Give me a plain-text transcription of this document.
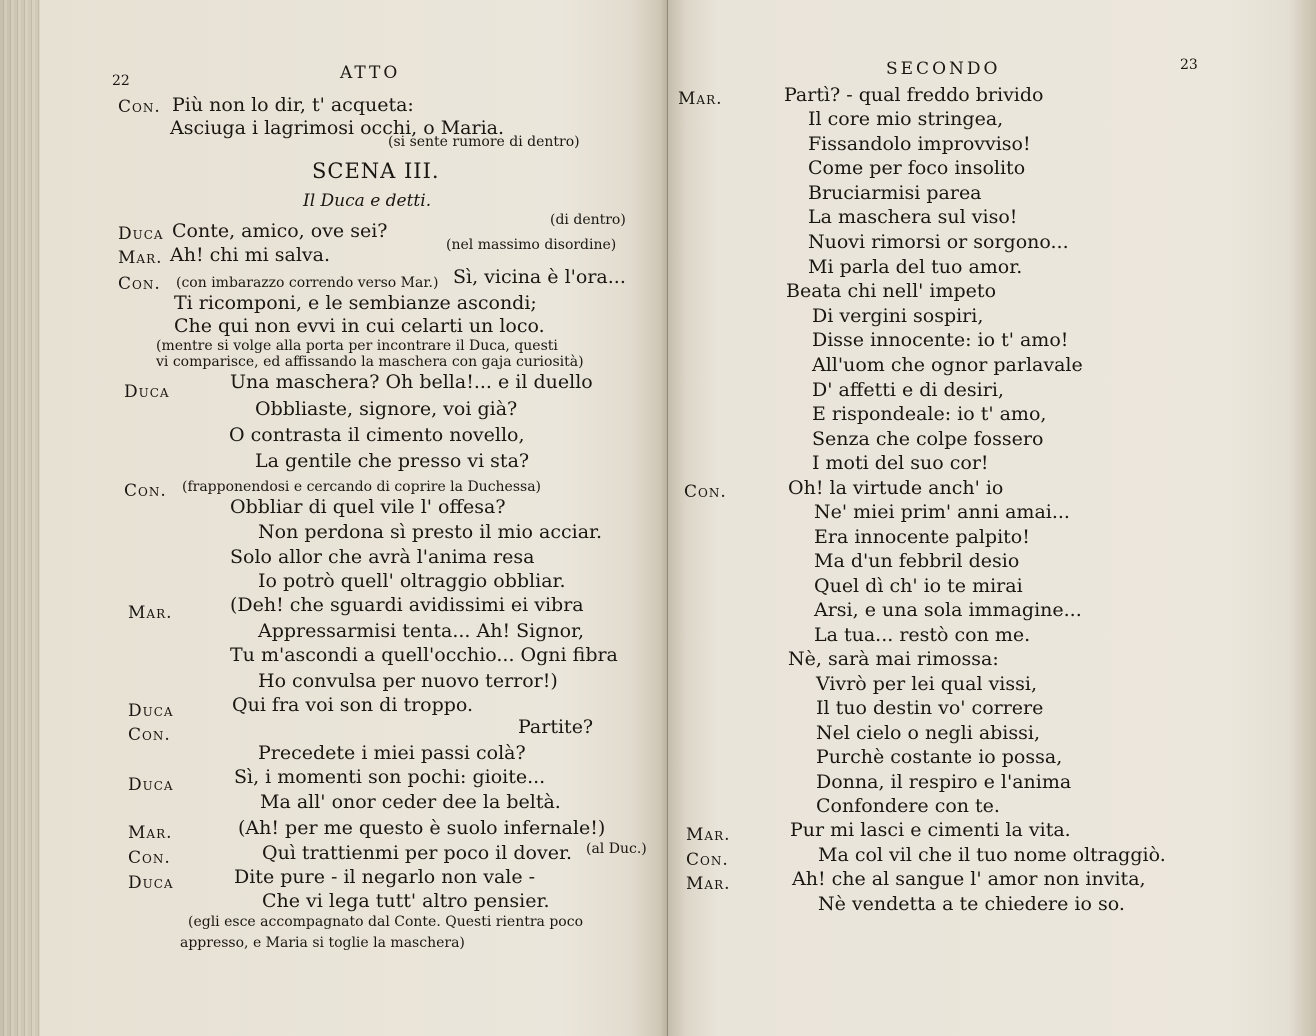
22	ATTO
Con. Più non lo dir, t' acqueta:
Asciuga i lagrimosi occhi, o Maria.
(si sente rumore di dentro)
SCENA III.
Il Duca e detti.
Duca Conte, amico, ove sei?	(di dentro)
Mar. Ah! chi mi salva.	(nel massimo disordine)
Con. (con imbarazzo correndo verso Mar.) Sì, vicina è l'ora...
Ti ricomponi, e le sembianze ascondi;
Che qui non evvi in cui celarti un loco.
(mentre si volge alla porta per incontrare il Duca, questi
vi comparisce, ed affissando la maschera con gaja curiosità)
Duca	Una maschera? Oh bella!... e il duello
Obbliaste, signore, voi già?
O contrasta il cimento novello,
La gentile che presso vi sta?
Con. (frapponendosi e cercando di coprire la Duchessa)
Obbliar di quel vile l' offesa?
Non perdona sì presto il mio acciar.
Solo allor che avrà l'anima resa
Io potrò quell' oltraggio obbliar.
Mar.	(Deh! che sguardi avidissimi ei vibra
Appressarmisi tenta... Ah! Signor,
Tu m'ascondi a quell'occhio... Ogni fibra
Ho convulsa per nuovo terror!)
Duca	Qui fra voi son di troppo.
Partite?
Con.
Precedete i miei passi colà?
Duca	Sì, i momenti son pochi: gioite...
Ma all' onor ceder dee la beltà.
Mar.	(Ah! per me questo è suolo infernale!)
Con.	Quì trattienmi per poco il dover. (al Duc.)
Duca	Dite pure - il negarlo non vale -
Che vi lega tutt' altro pensier.
(egli esce accompagnato dal Conte. Questi rientra poco
appresso, e Maria si toglie la maschera)
SECONDO	23
Mar.	Partì? - qual freddo brivido
Il core mio stringea,
Fissandolo improvviso!
Come per foco insolito
Bruciarmisi parea
La maschera sul viso!
Nuovi rimorsi or sorgono...
Mi parla del tuo amor.
Beata chi nell' impeto
Di vergini sospiri,
Disse innocente: io t' amo!
All'uom che ognor parlavale
D' affetti e di desiri,
E rispondeale: io t' amo,
Senza che colpe fossero
I moti del suo cor!
Con.	Oh! la virtude anch' io
Ne' miei prim' anni amai...
Era innocente palpito!
Ma d'un febbril desio
Quel dì ch' io te mirai
Arsi, e una sola immagine...
La tua... restò con me.
Nè, sarà mai rimossa:
Vivrò per lei qual vissi,
Il tuo destin vo' correre
Nel cielo o negli abissi,
Purchè costante io possa,
Donna, il respiro e l'anima
Confondere con te.
Mar.	Pur mi lasci e cimenti la vita.
Con.	Ma col vil che il tuo nome oltraggiò.
Mar.	Ah! che al sangue l' amor non invita,
Nè vendetta a te chiedere io so.
